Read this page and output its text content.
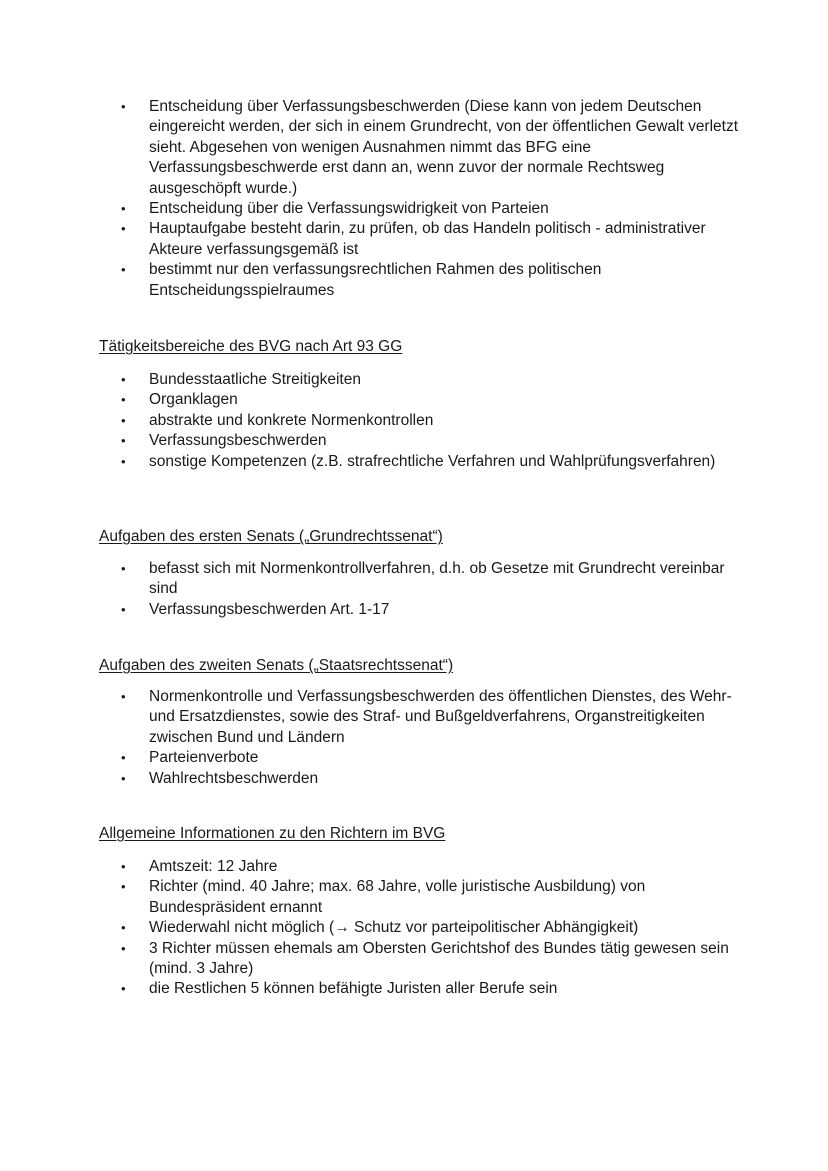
• Entscheidung über Verfassungsbeschwerden (Diese kann von jedem Deutschen eingereicht werden, der sich in einem Grundrecht, von der öffentlichen Gewalt verletzt sieht. Abgesehen von wenigen Ausnahmen nimmt das BFG eine Verfassungsbeschwerde erst dann an, wenn zuvor der normale Rechtsweg ausgeschöpft wurde.)
• Entscheidung über die Verfassungswidrigkeit von Parteien
• Hauptaufgabe besteht darin, zu prüfen, ob das Handeln politisch - administrativer Akteure verfassungsgemäß ist
• bestimmt nur den verfassungsrechtlichen Rahmen des politischen Entscheidungsspielraumes
Tätigkeitsbereiche des BVG nach Art 93 GG
• Bundesstaatliche Streitigkeiten
• Organklagen
• abstrakte und konkrete Normenkontrollen
• Verfassungsbeschwerden
• sonstige Kompetenzen (z.B. strafrechtliche Verfahren und Wahlprüfungsverfahren)
Aufgaben des ersten Senats („Grundrechtssenat“)
• befasst sich mit Normenkontrollverfahren, d.h. ob Gesetze mit Grundrecht vereinbar sind
• Verfassungsbeschwerden Art. 1-17
Aufgaben des zweiten Senats („Staatsrechtssenat“)
• Normenkontrolle und Verfassungsbeschwerden des öffentlichen Dienstes, des Wehr- und Ersatzdienstes, sowie des Straf- und Bußgeldverfahrens, Organstreitigkeiten zwischen Bund und Ländern
• Parteienverbote
• Wahlrechtsbeschwerden
Allgemeine Informationen zu den Richtern im BVG
• Amtszeit: 12 Jahre
• Richter (mind. 40 Jahre; max. 68 Jahre, volle juristische Ausbildung) von Bundespräsident ernannt
• Wiederwahl nicht möglich (→ Schutz vor parteipolitischer Abhängigkeit)
• 3 Richter müssen ehemals am Obersten Gerichtshof des Bundes tätig gewesen sein (mind. 3 Jahre)
• die Restlichen 5 können befähigte Juristen aller Berufe sein
